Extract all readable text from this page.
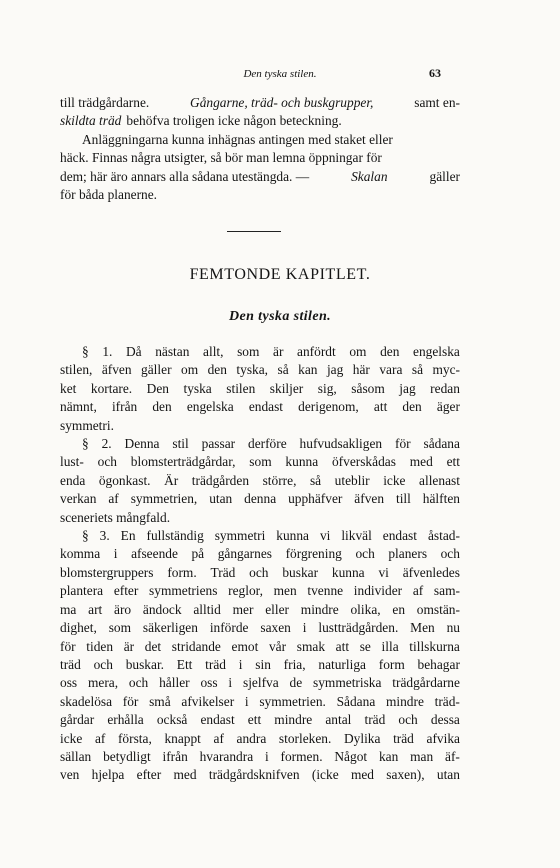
Den tyska stilen.	63
till trädgårdarne.	Gångarne, träd- och buskgrupper,	samt en-
skildta träd behöfva troligen icke någon beteckning.
Anläggningarna kunna inhägnas antingen med staket eller
häck. Finnas några utsigter, så bör man lemna öppningar för
dem; här äro annars alla sådana utestängda. —	Skalan	gäller
för båda planerne.
FEMTONDE KAPITLET.
Den tyska stilen.
§ 1. Då nästan allt, som är anfördt om den engelska
stilen, äfven gäller om den tyska, så kan jag här vara så myc-
ket kortare. Den tyska stilen skiljer sig, såsom jag redan
nämnt, ifrån den engelska endast derigenom, att den äger
symmetri.
§ 2. Denna stil passar derföre hufvudsakligen för sådana
lust- och blomsterträdgårdar, som kunna öfverskådas med ett
enda ögonkast. Är trädgården större, så uteblir icke allenast
verkan af symmetrien, utan denna upphäfver äfven till hälften
sceneriets mångfald.
§ 3. En fullständig symmetri kunna vi likväl endast åstad-
komma i afseende på gångarnes förgrening och planers och
blomstergruppers form. Träd och buskar kunna vi äfvenledes
plantera efter symmetriens reglor, men tvenne individer af sam-
ma art äro ändock alltid mer eller mindre olika, en omstän-
dighet, som säkerligen införde saxen i lustträdgården. Men nu
för tiden är det stridande emot vår smak att se illa tillskurna
träd och buskar. Ett träd i sin fria, naturliga form behagar
oss mera, och håller oss i sjelfva de symmetriska trädgårdarne
skadelösa för små afvikelser i symmetrien. Sådana mindre träd-
gårdar erhålla också endast ett mindre antal träd och dessa
icke af första, knappt af andra storleken. Dylika träd afvika
sällan betydligt ifrån hvarandra i formen. Något kan man äf-
ven hjelpa efter med trädgårdsknifven (icke med saxen), utan
